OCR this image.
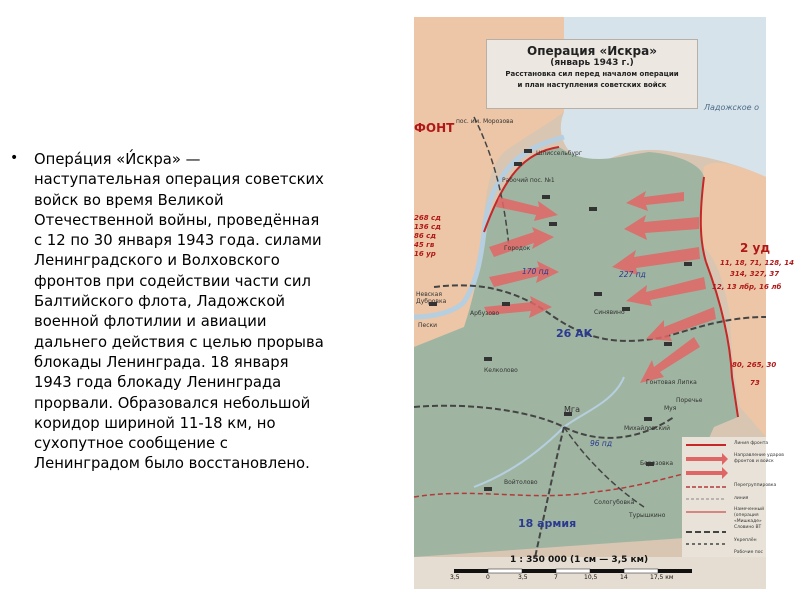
• Опера́ция «И́скра» — наступательная операция советских войск во время Великой Отечественной войны, проведённая с 12 по 30 января 1943 года. силами Ленинградского и Волховского фронтов при содействии части сил Балтийского флота, Ладожской военной флотилии и авиации дальнего действия с целью прорыва блокады Ленинграда. 18 января 1943 года блокаду Ленинграда прорвали. Образовался небольшой коридор шириной 11-18 км, но сухопутное сообщение с Ленинградом было восстановлено.
Операция «Искра»
(январь 1943 г.)
Расстановка сил перед началом операции
и план наступления советских войск
Ладожское о
ФОНТ пос. им. Морозова
Шлиссельбург
Рабочий пос. №1
Городок
Синявино
Арбузово
Невская Дубровка
Пески
Келколово
Мга
Михайловский
Войтолово
Сологубовка
Турышкино
Гонтовая Липка
Поречье
Муя
Березовка
170 пд	227 пд
26 АК
96 пд
18 армия
268 сд
136 сд
86 сд
45 гв
16 ур	2 уд
11, 18, 71, 128, 14
314, 327, 37
12, 13 лбр, 16 лб
80, 265, 30
73
Линия фронта
Направление ударов
фронтов и войск
Перегруппировка
линия
Намеченный
(операция
«Мишкаде»
Словино ВТ
Укреплён
Рабочие пос
1 : 350 000 (1 см — 3,5 км)
3,5	0	3,5	7	10,5	14	17,5 км
